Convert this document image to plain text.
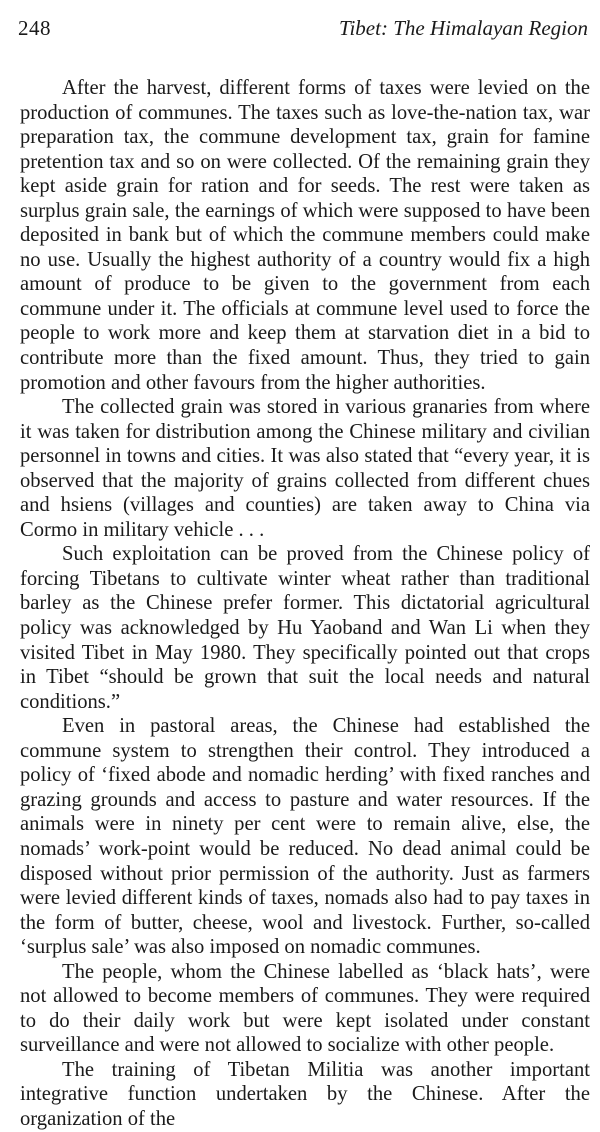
248	Tibet: The Himalayan Region

After the harvest, different forms of taxes were levied on the production of communes. The taxes such as love-the-nation tax, war preparation tax, the commune development tax, grain for famine pretention tax and so on were collected. Of the remaining grain they kept aside grain for ration and for seeds. The rest were taken as surplus grain sale, the earnings of which were supposed to have been deposited in bank but of which the commune members could make no use. Usually the highest authority of a country would fix a high amount of produce to be given to the government from each commune under it. The officials at commune level used to force the people to work more and keep them at starvation diet in a bid to contribute more than the fixed amount. Thus, they tried to gain promotion and other favours from the higher authorities.

The collected grain was stored in various granaries from where it was taken for distribution among the Chinese military and civilian personnel in towns and cities. It was also stated that “every year, it is observed that the majority of grains collected from different chues and hsiens (villages and counties) are taken away to China via Cormo in military vehicle . . .

Such exploitation can be proved from the Chinese policy of forcing Tibetans to cultivate winter wheat rather than traditional barley as the Chinese prefer former. This dictatorial agricultural policy was acknowledged by Hu Yaoband and Wan Li when they visited Tibet in May 1980. They specifically pointed out that crops in Tibet “should be grown that suit the local needs and natural conditions.”

Even in pastoral areas, the Chinese had established the commune system to strengthen their control. They introduced a policy of ‘fixed abode and nomadic herding’ with fixed ranches and grazing grounds and access to pasture and water resources. If the animals were in ninety per cent were to remain alive, else, the nomads’ work-point would be reduced. No dead animal could be disposed without prior permission of the authority. Just as farmers were levied different kinds of taxes, nomads also had to pay taxes in the form of butter, cheese, wool and livestock. Further, so-called ‘surplus sale’ was also imposed on nomadic communes.

The people, whom the Chinese labelled as ‘black hats’, were not allowed to become members of communes. They were required to do their daily work but were kept isolated under constant surveillance and were not allowed to socialize with other people.

The training of Tibetan Militia was another important integrative function undertaken by the Chinese. After the organization of the
